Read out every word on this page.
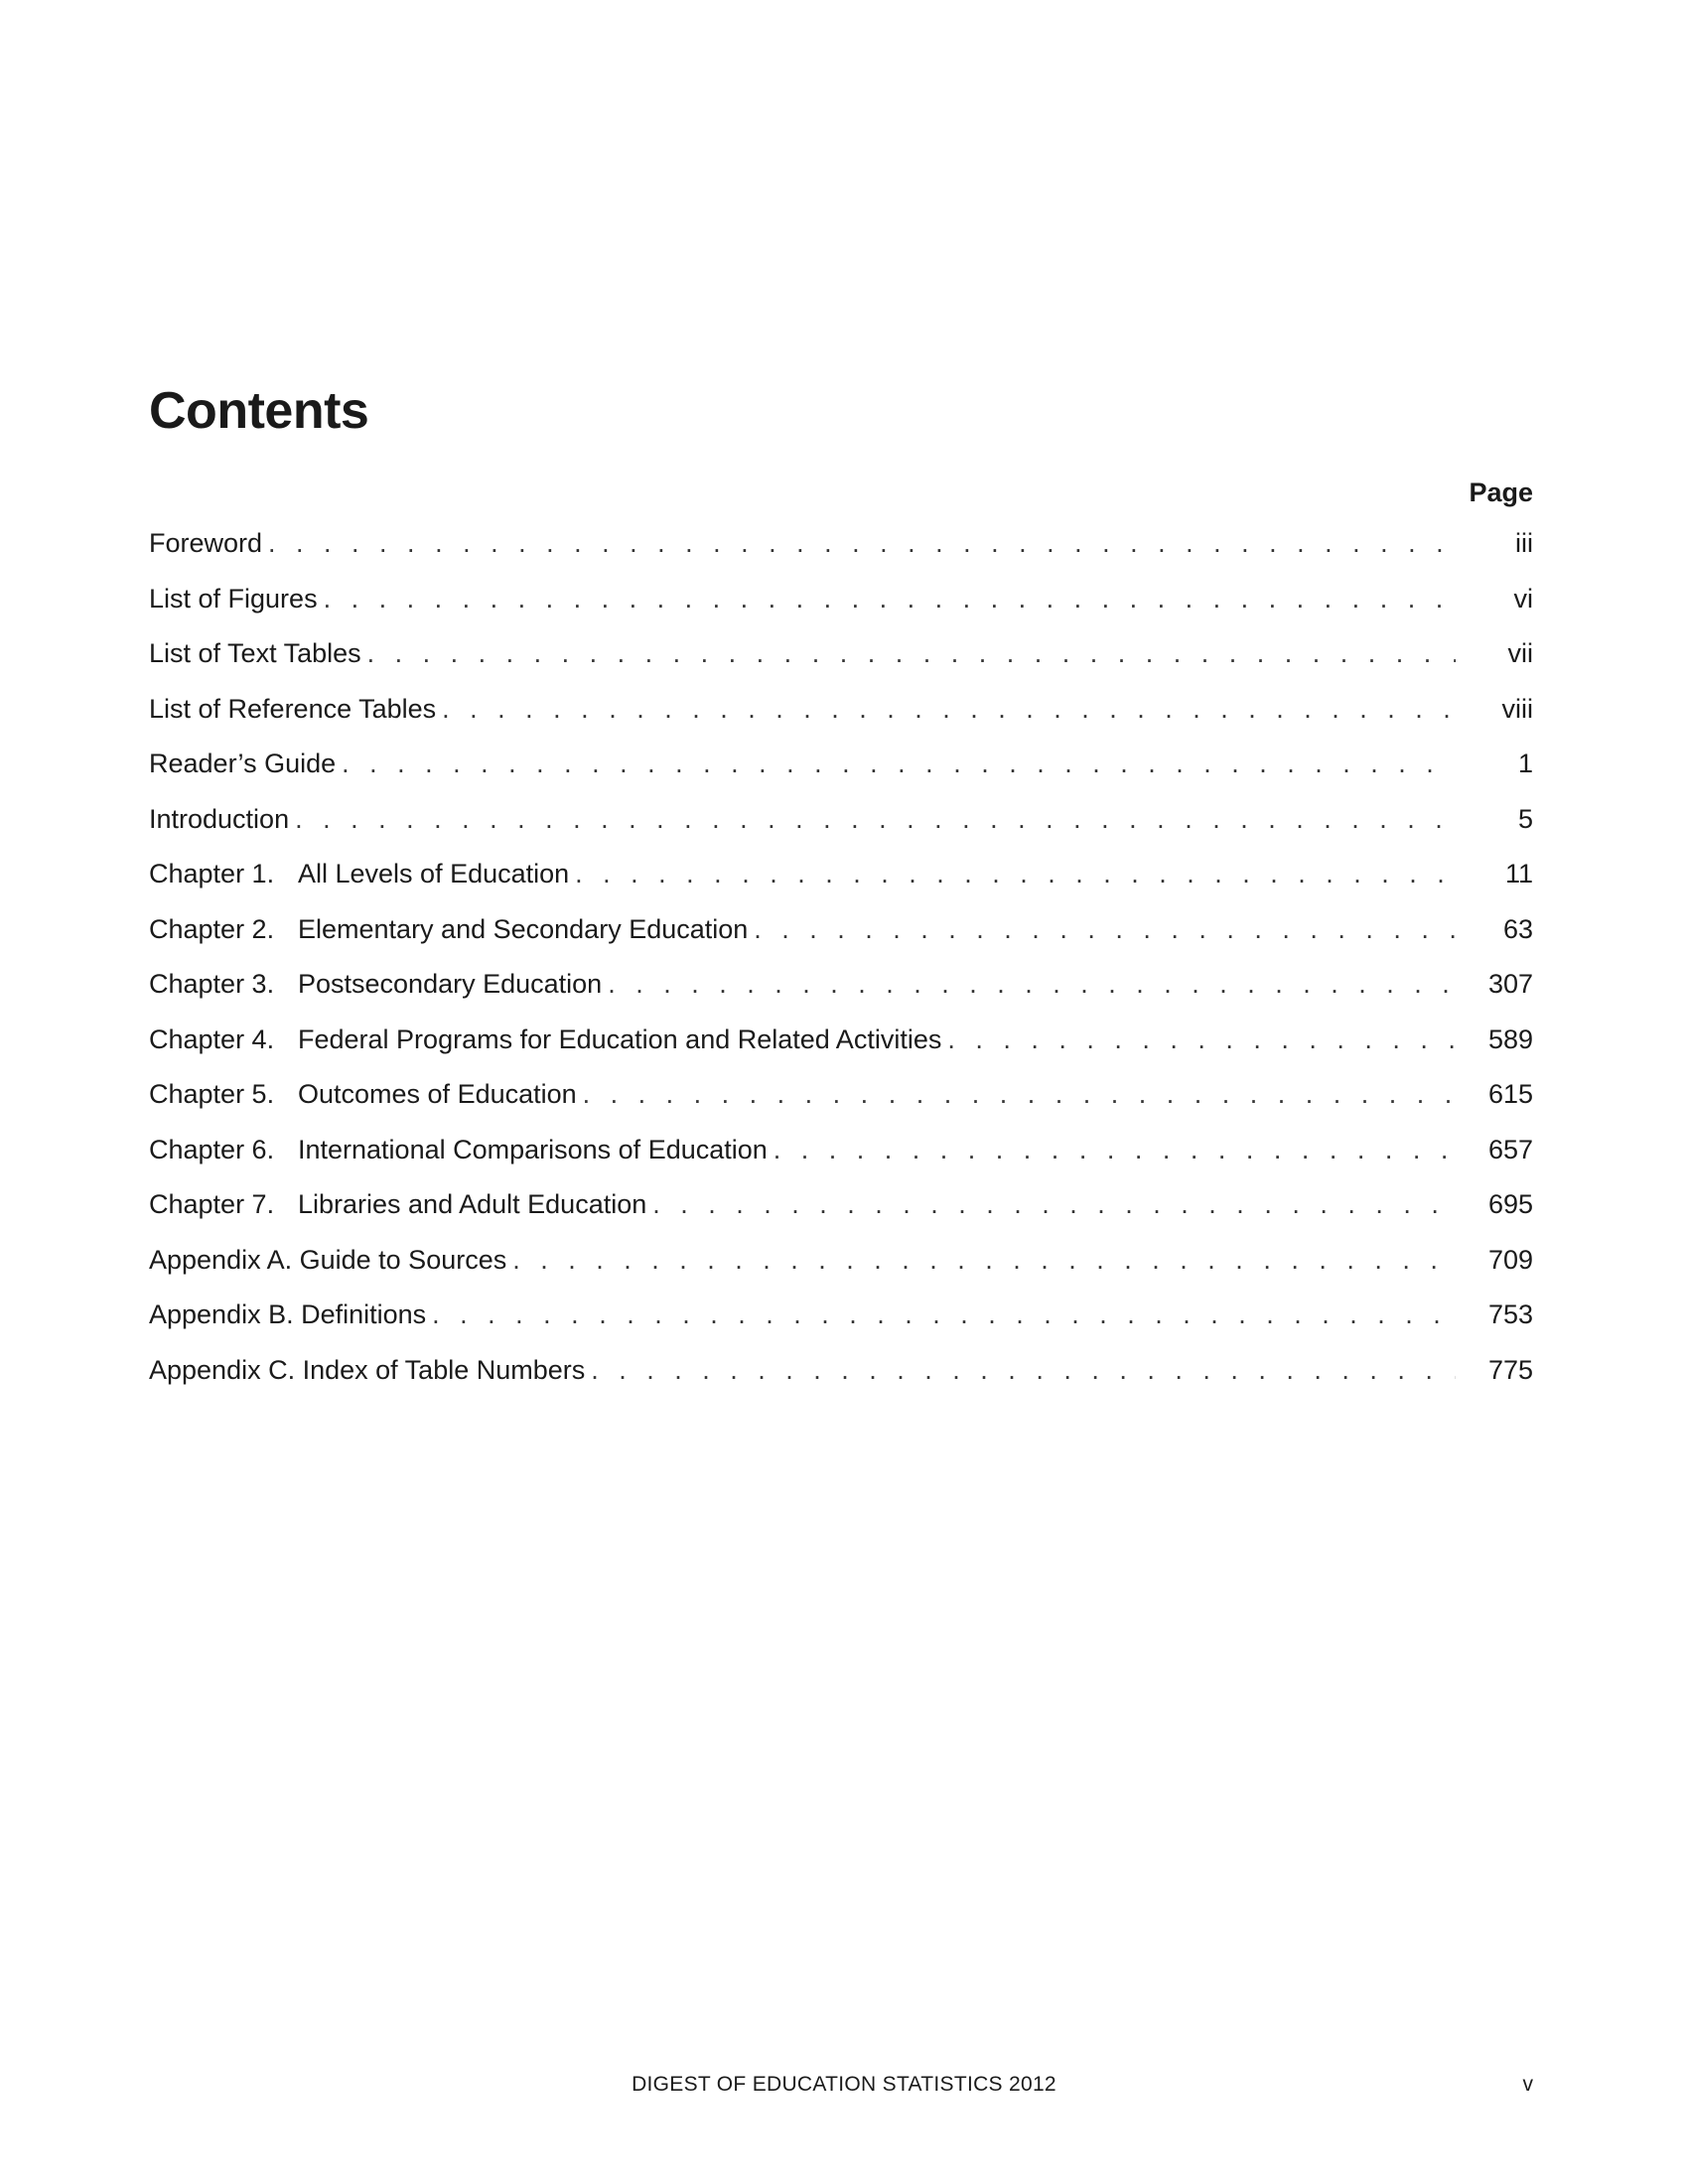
Contents
Page
Foreword . . .	iii
List of Figures . . .	vi
List of Text Tables . . .	vii
List of Reference Tables . . .	viii
Reader’s Guide . . .	1
Introduction . . .	5
Chapter 1. All Levels of Education . . .	11
Chapter 2. Elementary and Secondary Education . . .	63
Chapter 3. Postsecondary Education . . .	307
Chapter 4. Federal Programs for Education and Related Activities . . .	589
Chapter 5. Outcomes of Education . . .	615
Chapter 6. International Comparisons of Education . . .	657
Chapter 7. Libraries and Adult Education . . .	695
Appendix A. Guide to Sources . . .	709
Appendix B. Definitions . . .	753
Appendix C. Index of Table Numbers . . .	775
DIGEST OF EDUCATION STATISTICS 2012	v
